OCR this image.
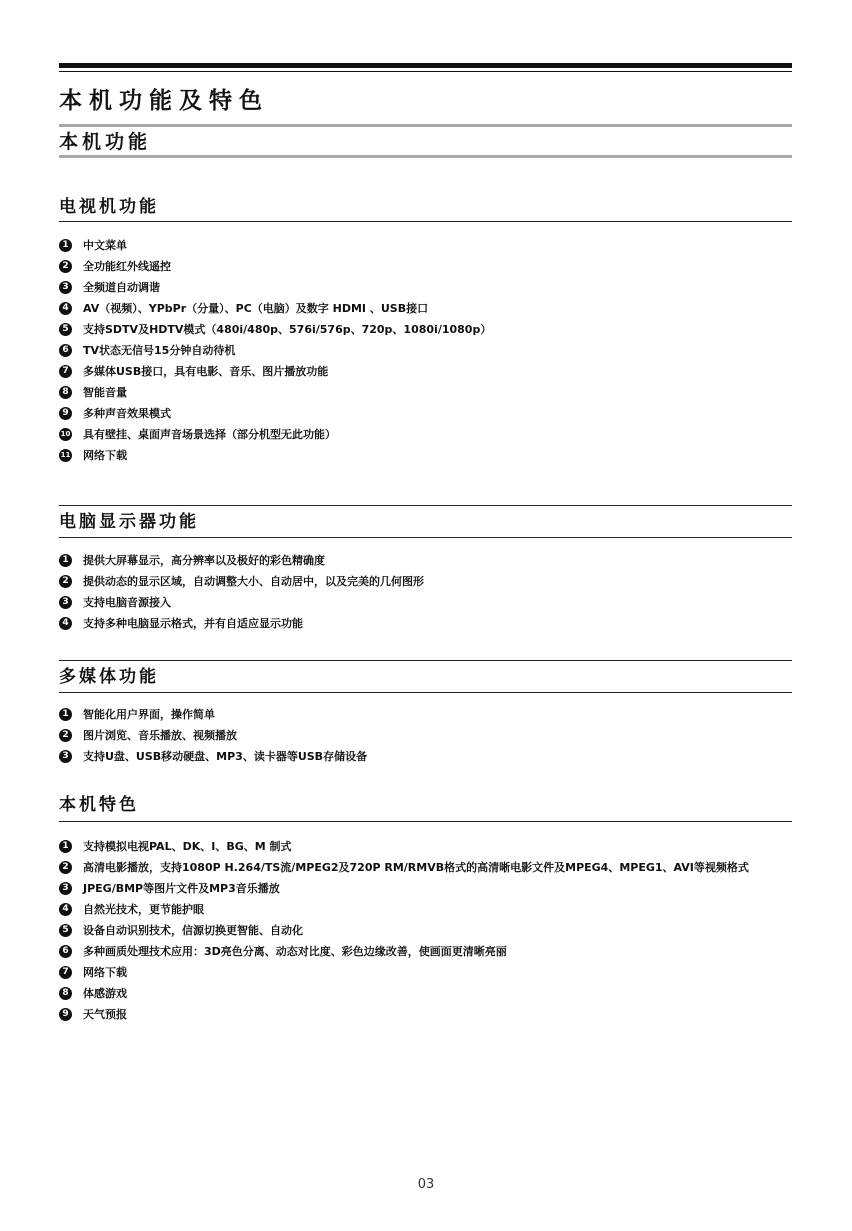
本机功能及特色
本机功能
电视机功能
1	中文菜单
2	全功能红外线遥控
3	全频道自动调谐
4	AV（视频）、YPbPr（分量）、PC（电脑）及数字 HDMI 、USB接口
5	支持SDTV及HDTV模式（480i/480p、576i/576p、720p、1080i/1080p）
6	TV状态无信号15分钟自动待机
7	多媒体USB接口，具有电影、音乐、图片播放功能
8	智能音量
9	多种声音效果模式
10 具有壁挂、桌面声音场景选择（部分机型无此功能）
11 网络下载
电脑显示器功能
1	提供大屏幕显示，高分辨率以及极好的彩色精确度
2	提供动态的显示区域，自动调整大小、自动居中，以及完美的几何图形
3	支持电脑音源接入
4	支持多种电脑显示格式，并有自适应显示功能
多媒体功能
1	智能化用户界面，操作简单
2	图片浏览、音乐播放、视频播放
3	支持U盘、USB移动硬盘、MP3、读卡器等USB存储设备
本机特色
1	支持模拟电视PAL、DK、I、BG、M 制式
2	高清电影播放，支持1080P H.264/TS流/MPEG2及720P RM/RMVB格式的高清晰电影文件及MPEG4、MPEG1、AVI等视频格式
3	JPEG/BMP等图片文件及MP3音乐播放
4	自然光技术，更节能护眼
5	设备自动识别技术，信源切换更智能、自动化
6	多种画质处理技术应用：3D亮色分离、动态对比度、彩色边缘改善，使画面更清晰亮丽
7	网络下载
8	体感游戏
9	天气预报
03
